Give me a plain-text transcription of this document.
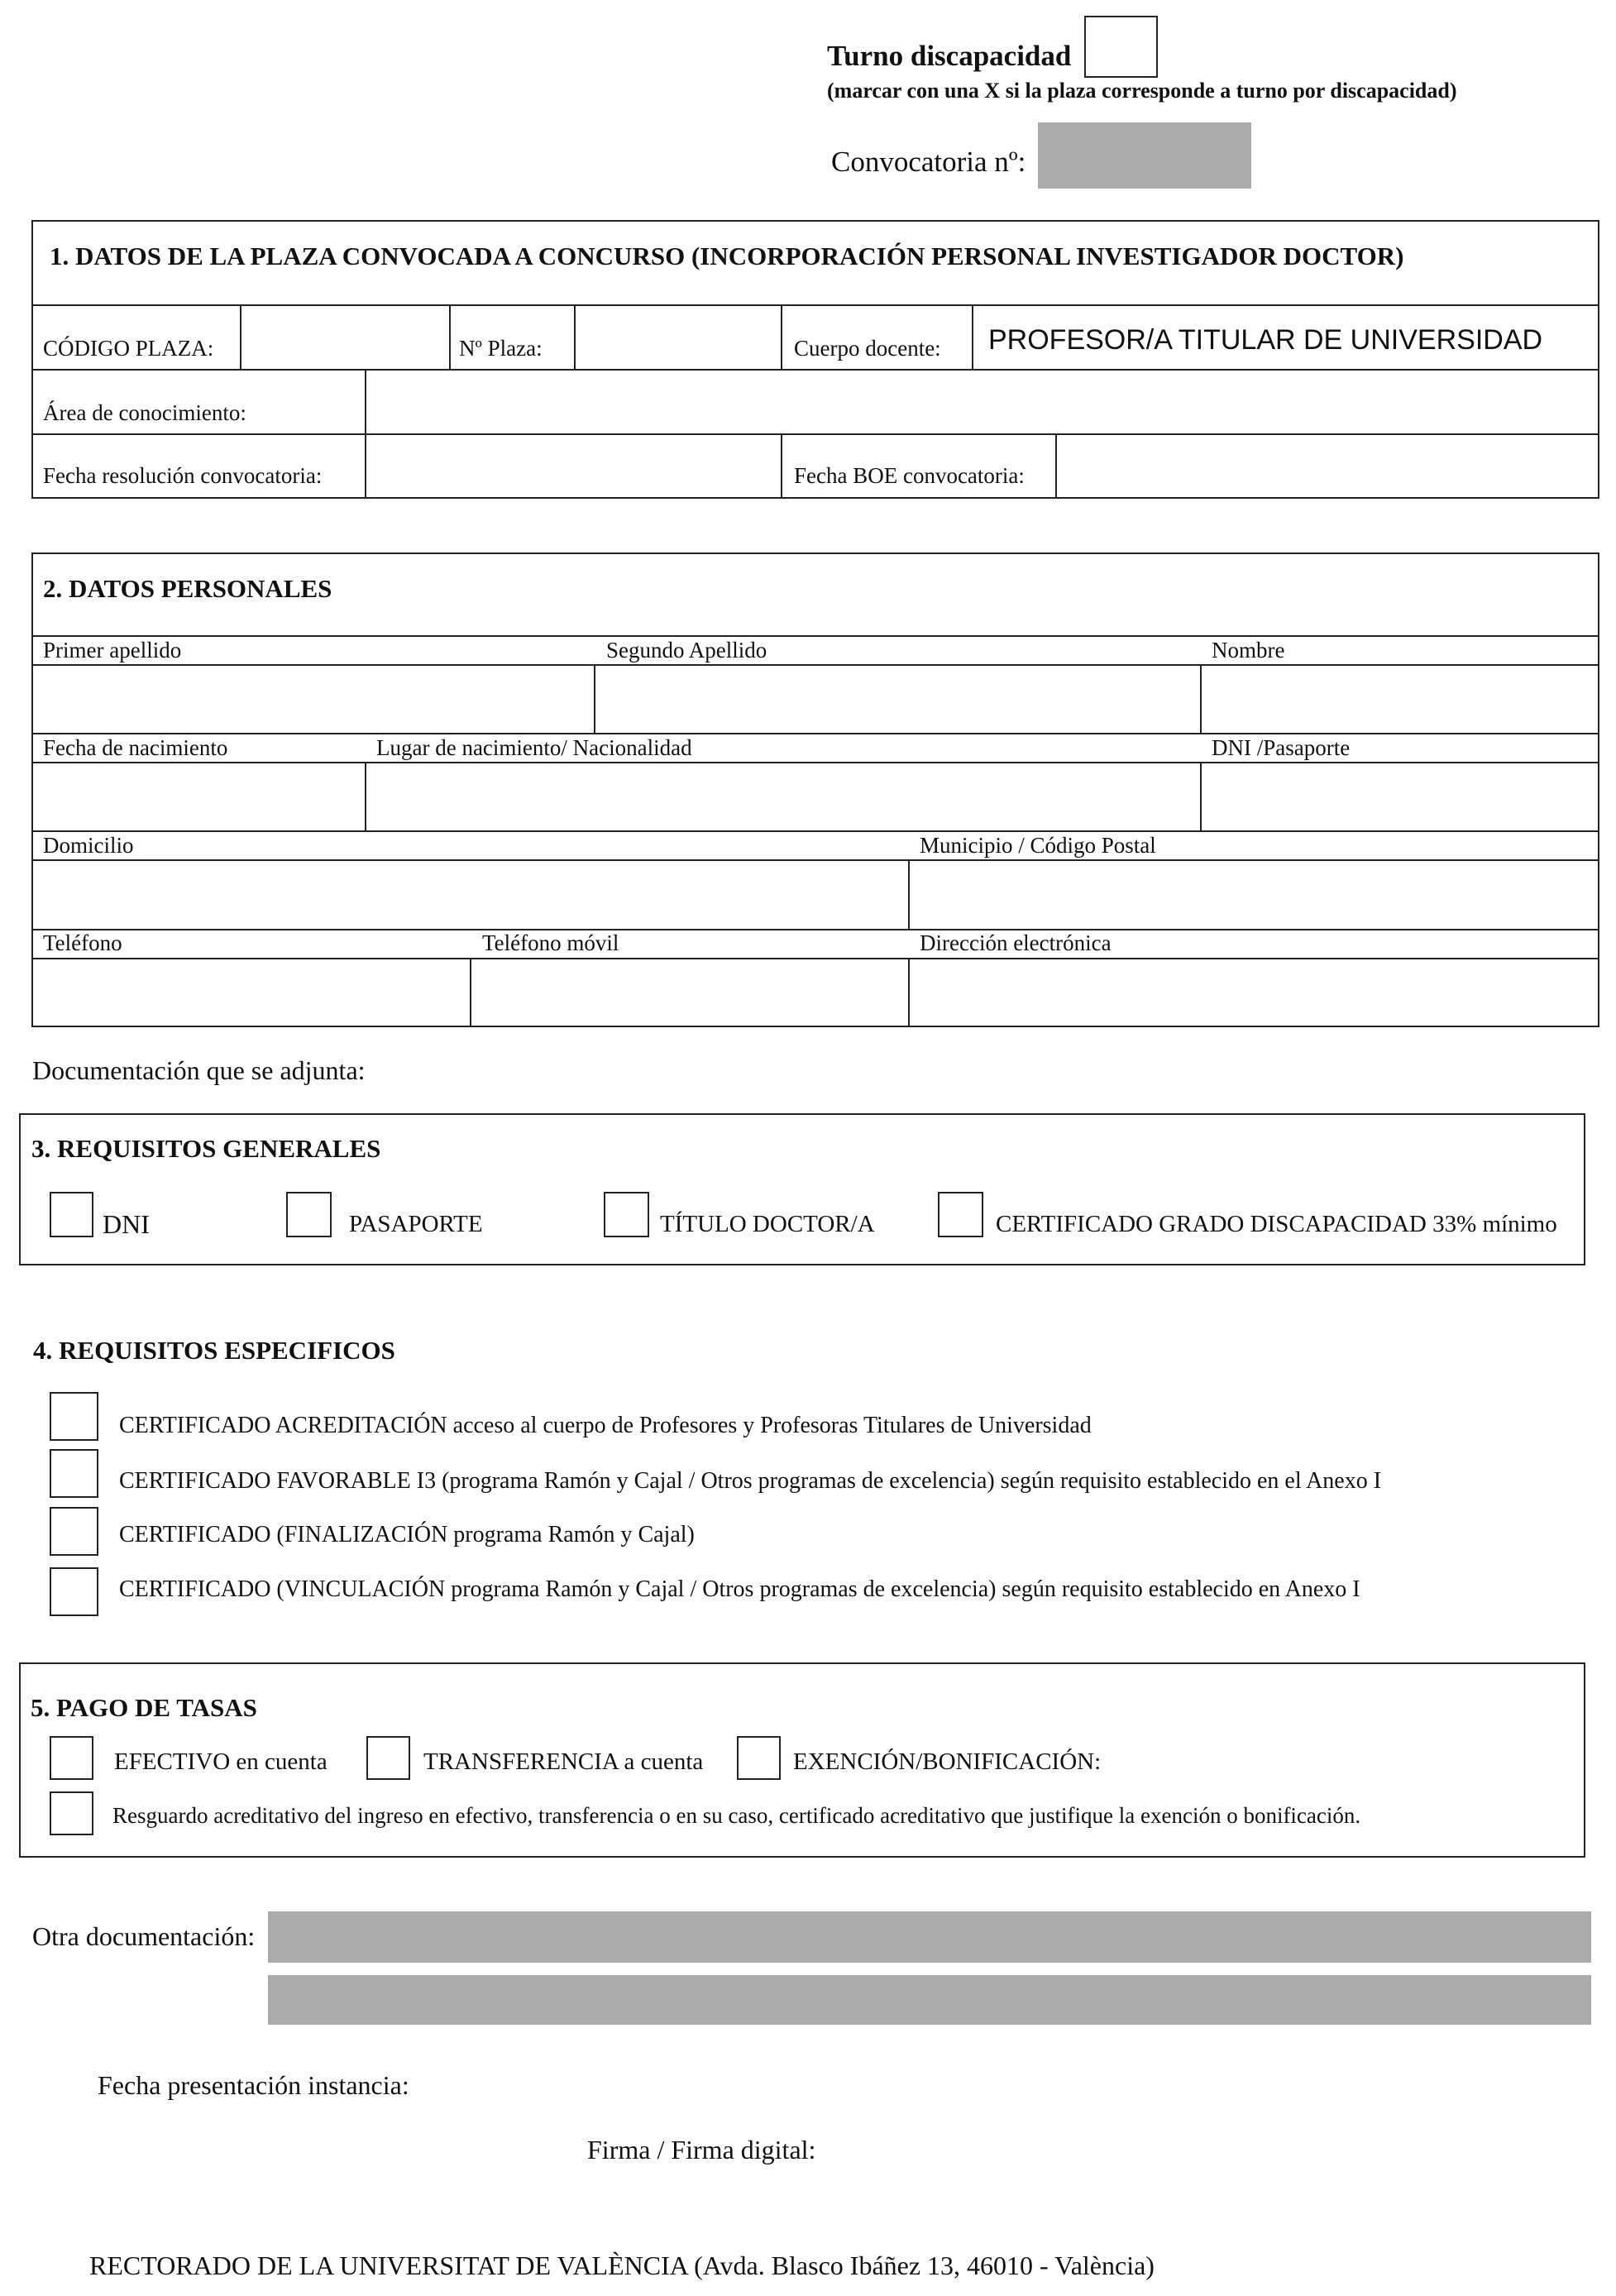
Turno discapacidad
(marcar con una X si la plaza corresponde a turno por discapacidad)
Convocatoria nº:
1. DATOS DE LA PLAZA CONVOCADA A CONCURSO (INCORPORACIÓN PERSONAL INVESTIGADOR DOCTOR)
CÓDIGO PLAZA:	Nº Plaza:	Cuerpo docente: PROFESOR/A TITULAR DE UNIVERSIDAD
Área de conocimiento:
Fecha resolución convocatoria:	Fecha BOE convocatoria:
2. DATOS PERSONALES
Primer apellido	Segundo Apellido	Nombre
Fecha de nacimiento	Lugar de nacimiento/ Nacionalidad	DNI /Pasaporte
Domicilio	Municipio / Código Postal
Teléfono	Teléfono móvil	Dirección electrónica
Documentación que se adjunta:
3. REQUISITOS GENERALES
DNI	PASAPORTE	TÍTULO DOCTOR/A	CERTIFICADO GRADO DISCAPACIDAD 33% mínimo
4. REQUISITOS ESPECIFICOS
CERTIFICADO ACREDITACIÓN acceso al cuerpo de Profesores y Profesoras Titulares de Universidad
CERTIFICADO FAVORABLE I3 (programa Ramón y Cajal / Otros programas de excelencia) según requisito establecido en el Anexo I
CERTIFICADO (FINALIZACIÓN programa Ramón y Cajal)
CERTIFICADO (VINCULACIÓN programa Ramón y Cajal / Otros programas de excelencia) según requisito establecido en Anexo I
5. PAGO DE TASAS
EFECTIVO en cuenta	TRANSFERENCIA a cuenta	EXENCIÓN/BONIFICACIÓN:
Resguardo acreditativo del ingreso en efectivo, transferencia o en su caso, certificado acreditativo que justifique la exención o bonificación.
Otra documentación:
Fecha presentación instancia:
Firma / Firma digital:
RECTORADO DE LA UNIVERSITAT DE VALÈNCIA (Avda. Blasco Ibáñez 13, 46010 - València)
